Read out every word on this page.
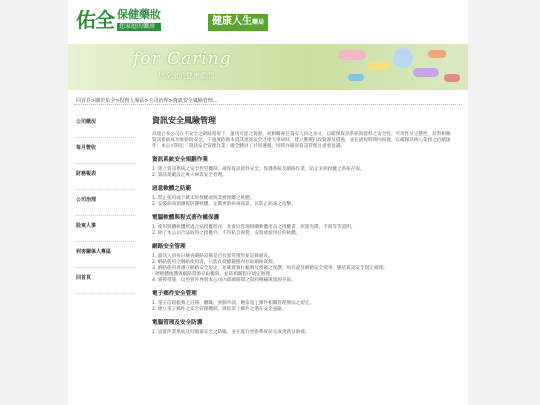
佑全 保健藥妝
您家庭的藥房	健康人生藥局
for Caring
您全家的健康顧問
回首頁>關於佑全>投資人專區>公司治理>資訊安全風險管理...
公司概況
每月營收
財務報表
公司治理
股東人事
利害關係人專區
回首頁
資訊安全風險管理
為建立本公司在不安全之網路環境下，運用可能之資源，或相關專任資安人員之身分，以確保資訊系統與資料之安全性、可用性及完整性，針對相關資訊系統成功推動與安全、不過度依賴本資訊建置安全之重大事故時，建立應變行政資源及措施，並在最短時間內回復，以確保其核心業務之持續運作；本公司制定「資訊安全管理作業」做全體員工共同遵循，同時亦確保資訊管理具重要意識。
資訊系統安全規劃作業
1. 建立資訊系統之安全控管機制，確保資訊資料安全，保護系統及網路作業，防止未經授權之系統存取。
2. 資訊規範設定專人專責安全管理。
惡意軟體之防範
1. 禁止使用或下載未經授權或與業務無關之軟體。
2. 安裝病毒偵測與防護軟體，定期更新病毒資訊，以防止病毒之攻擊。
電腦軟體與程式著作權保護
1. 使用與購軟體經過合法授權程序，並會同管理相關軟體產品之授權書、原版光碟、手冊等等證明。
2. 除了本公司合法取得之授權外，不得私自複製、安裝或使用任何軟體。
網路安全管理
1. 資訊人員每日檢查網路設備是否有異常情形並記錄備查。
2. 網路使用之網路使用者，只能在授權範圍內存取網路資源。
3. 網路使用者遵守網路安全規定，並確實執行帳號及密碼之保護，如有違反網路安全情事，應依資訊安全規定處理。
- 硬軟體維護與網路資源存取權限，並依相關程序規定辦理。
4. 備援措施，以控管外界與本公司內部網路間之資料傳輸與資源存取。
電子郵件安全管理
1. 電子信箱帳號之註冊、離職、異動申請，應依電子郵件相關管理辦法之規定。
2. 建立電子郵件之安全管理機制，降低電子郵件之潛在安全風險。
電腦管理及安全防護
1. 設置作業系統及伺服器安全之防範，並在進行更新系統前完成更新及修補。
